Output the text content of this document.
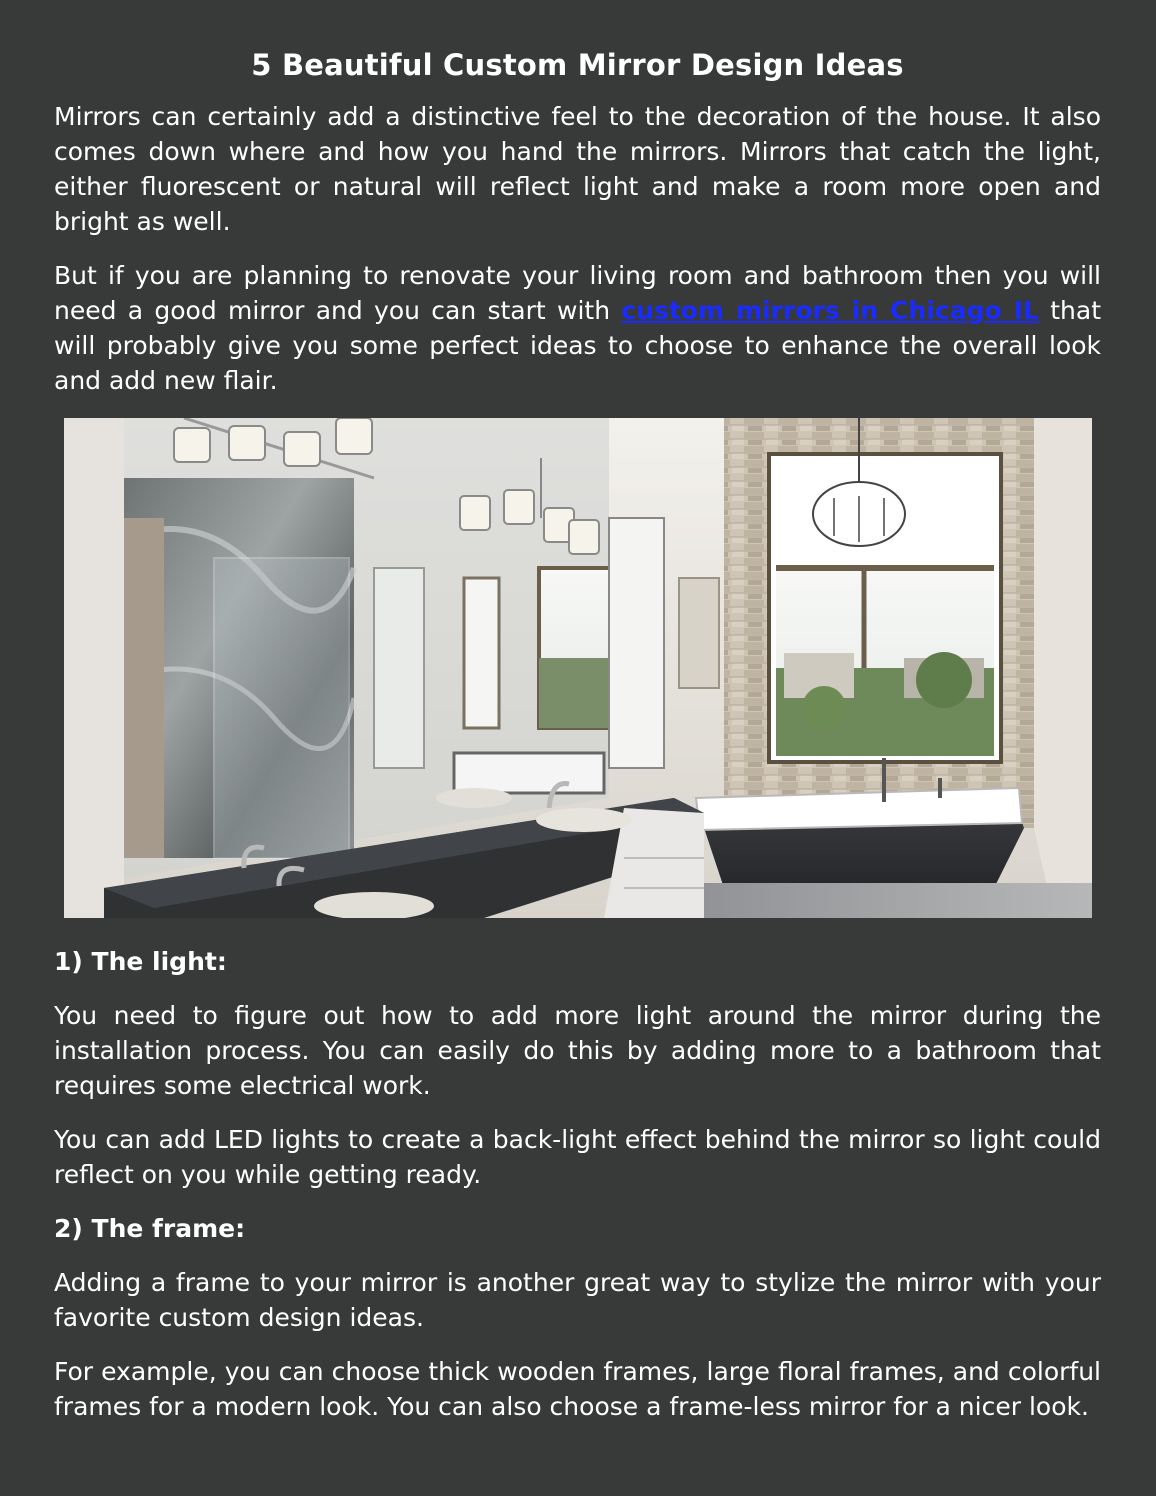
5 Beautiful Custom Mirror Design Ideas

Mirrors can certainly add a distinctive feel to the decoration of the house. It also comes down where and how you hand the mirrors. Mirrors that catch the light, either fluorescent or natural will reflect light and make a room more open and bright as well.

But if you are planning to renovate your living room and bathroom then you will need a good mirror and you can start with custom mirrors in Chicago IL that will probably give you some perfect ideas to choose to enhance the overall look and add new flair.

1) The light:

You need to figure out how to add more light around the mirror during the installation process. You can easily do this by adding more to a bathroom that requires some electrical work.

You can add LED lights to create a back-light effect behind the mirror so light could reflect on you while getting ready.

2) The frame:

Adding a frame to your mirror is another great way to stylize the mirror with your favorite custom design ideas.

For example, you can choose thick wooden frames, large floral frames, and colorful frames for a modern look. You can also choose a frame-less mirror for a nicer look.
